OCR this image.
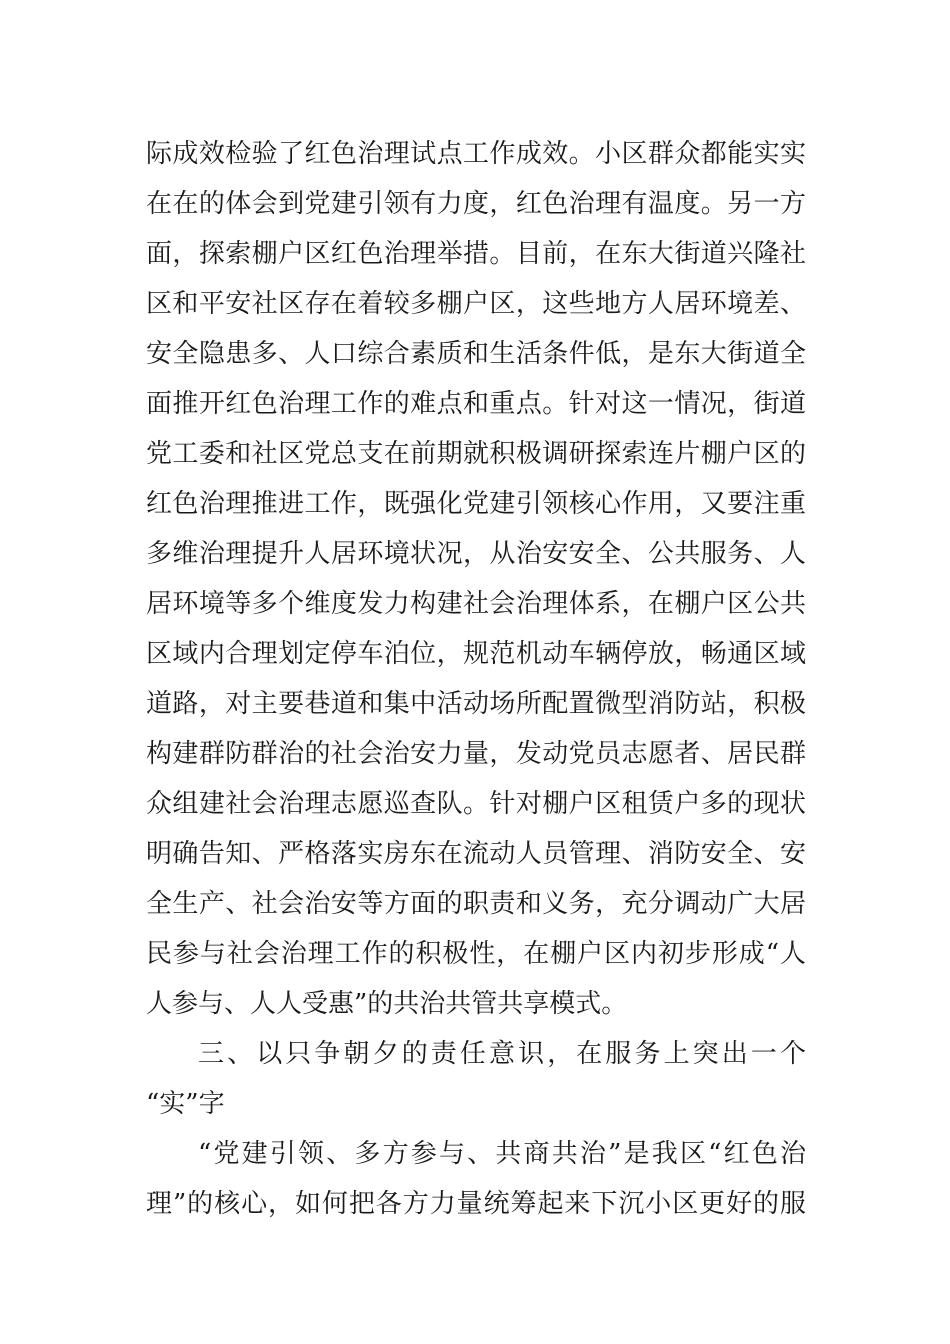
际成效检验了红色治理试点工作成效。小区群众都能实实
在在的体会到党建引领有力度，红色治理有温度。另一方
面，探索棚户区红色治理举措。目前，在东大街道兴隆社
区和平安社区存在着较多棚户区，这些地方人居环境差、
安全隐患多、人口综合素质和生活条件低，是东大街道全
面推开红色治理工作的难点和重点。针对这一情况，街道
党工委和社区党总支在前期就积极调研探索连片棚户区的
红色治理推进工作，既强化党建引领核心作用，又要注重
多维治理提升人居环境状况，从治安安全、公共服务、人
居环境等多个维度发力构建社会治理体系，在棚户区公共
区域内合理划定停车泊位，规范机动车辆停放，畅通区域
道路，对主要巷道和集中活动场所配置微型消防站，积极
构建群防群治的社会治安力量，发动党员志愿者、居民群
众组建社会治理志愿巡查队。针对棚户区租赁户多的现状
明确告知、严格落实房东在流动人员管理、消防安全、安
全生产、社会治安等方面的职责和义务，充分调动广大居
民参与社会治理工作的积极性，在棚户区内初步形成“人
人参与、人人受惠”的共治共管共享模式。
三、以只争朝夕的责任意识，在服务上突出一个
“实”字
“党建引领、多方参与、共商共治”是我区“红色治
理”的核心，如何把各方力量统筹起来下沉小区更好的服
